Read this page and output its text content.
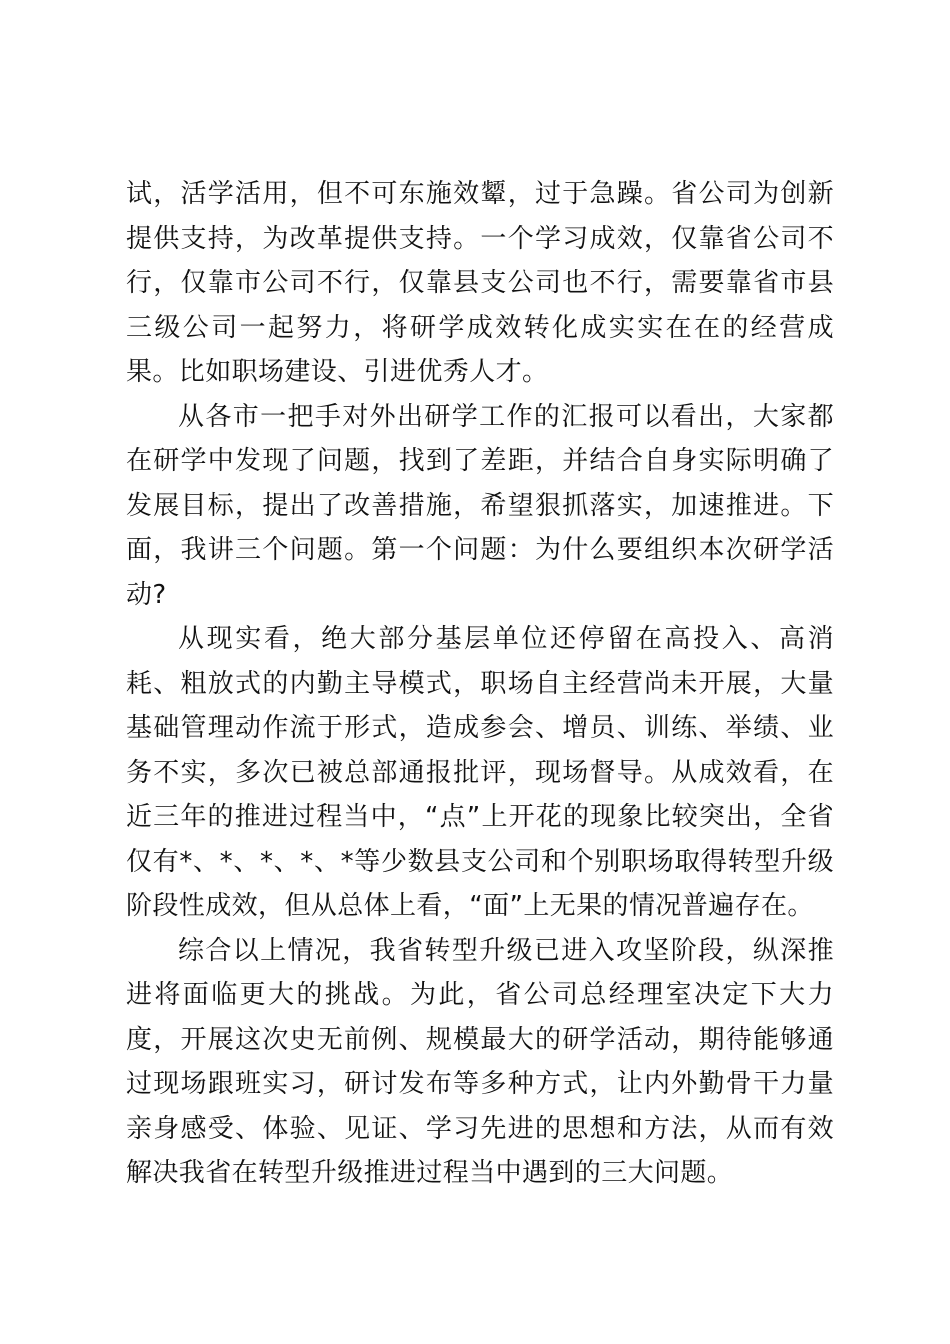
试，活学活用，但不可东施效颦，过于急躁。省公司为创新提供支持，为改革提供支持。一个学习成效，仅靠省公司不行，仅靠市公司不行，仅靠县支公司也不行，需要靠省市县三级公司一起努力，将研学成效转化成实实在在的经营成果。比如职场建设、引进优秀人才。

从各市一把手对外出研学工作的汇报可以看出，大家都在研学中发现了问题，找到了差距，并结合自身实际明确了发展目标，提出了改善措施，希望狠抓落实，加速推进。下面，我讲三个问题。第一个问题：为什么要组织本次研学活动?

从现实看，绝大部分基层单位还停留在高投入、高消耗、粗放式的内勤主导模式，职场自主经营尚未开展，大量基础管理动作流于形式，造成参会、增员、训练、举绩、业务不实，多次已被总部通报批评，现场督导。从成效看，在近三年的推进过程当中，“点”上开花的现象比较突出，全省仅有*、*、*、*、*等少数县支公司和个别职场取得转型升级阶段性成效，但从总体上看，“面”上无果的情况普遍存在。

综合以上情况，我省转型升级已进入攻坚阶段，纵深推进将面临更大的挑战。为此，省公司总经理室决定下大力度，开展这次史无前例、规模最大的研学活动，期待能够通过现场跟班实习，研讨发布等多种方式，让内外勤骨干力量亲身感受、体验、见证、学习先进的思想和方法，从而有效解决我省在转型升级推进过程当中遇到的三大问题。
